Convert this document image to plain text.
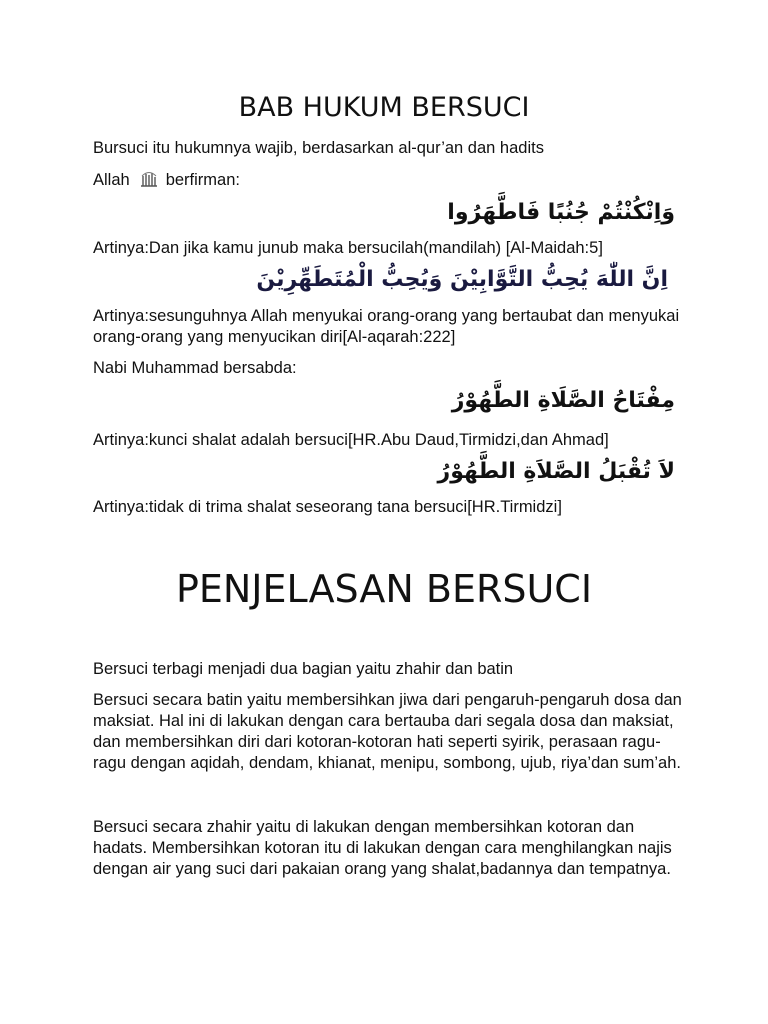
BAB HUKUM BERSUCI

Bursuci itu hukumnya wajib, berdasarkan al-qur’an dan hadits

Allah berfirman:

وَاِنْكُنْتُمْ جُنُبًا فَاطَّهَرُوا

Artinya:Dan jika kamu junub maka bersucilah(mandilah) [Al-Maidah:5]

اِنَّ اللّٰهَ يُحِبُّ التَّوَّابِيْنَ وَيُحِبُّ الْمُتَطَهِّرِيْنَ

Artinya:sesunguhnya Allah menyukai orang-orang yang bertaubat dan menyukai orang-orang yang menyucikan diri[Al-aqarah:222]

Nabi Muhammad bersabda:

مِفْتَاحُ الصَّلَاةِ الطَّهُوْرُ

Artinya:kunci shalat adalah bersuci[HR.Abu Daud,Tirmidzi,dan Ahmad]

لاَ تُقْبَلُ الصَّلاَةِ الطَّهُوْرُ

Artinya:tidak di trima shalat seseorang tana bersuci[HR.Tirmidzi]

PENJELASAN BERSUCI

Bersuci terbagi menjadi dua bagian yaitu zhahir dan batin

Bersuci secara batin yaitu membersihkan jiwa dari pengaruh-pengaruh dosa dan maksiat. Hal ini di lakukan dengan cara bertauba dari segala dosa dan maksiat, dan membersihkan diri dari kotoran-kotoran hati seperti syirik, perasaan ragu-ragu dengan aqidah, dendam, khianat, menipu, sombong, ujub, riya’dan sum’ah.

Bersuci secara zhahir yaitu di lakukan dengan membersihkan kotoran dan hadats. Membersihkan kotoran itu di lakukan dengan cara menghilangkan najis dengan air yang suci dari pakaian orang yang shalat,badannya dan tempatnya.
